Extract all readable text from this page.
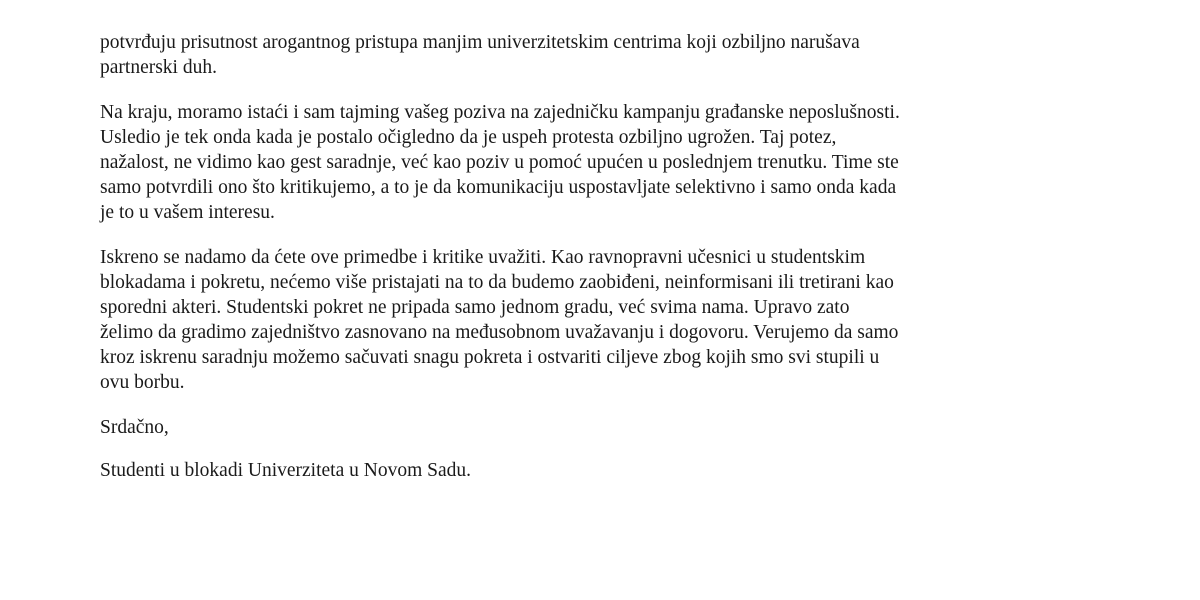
potvrđuju prisutnost arogantnog pristupa manjim univerzitetskim centrima koji ozbiljno narušava
partnerski duh.

Na kraju, moramo istaći i sam tajming vašeg poziva na zajedničku kampanju građanske neposlušnosti.
Usledio je tek onda kada je postalo očigledno da je uspeh protesta ozbiljno ugrožen. Taj potez,
nažalost, ne vidimo kao gest saradnje, već kao poziv u pomoć upućen u poslednjem trenutku. Time ste
samo potvrdili ono što kritikujemo, a to je da komunikaciju uspostavljate selektivno i samo onda kada
je to u vašem interesu.

Iskreno se nadamo da ćete ove primedbe i kritike uvažiti. Kao ravnopravni učesnici u studentskim
blokadama i pokretu, nećemo više pristajati na to da budemo zaobiđeni, neinformisani ili tretirani kao
sporedni akteri. Studentski pokret ne pripada samo jednom gradu, već svima nama. Upravo zato
želimo da gradimo zajedništvo zasnovano na međusobnom uvažavanju i dogovoru. Verujemo da samo
kroz iskrenu saradnju možemo sačuvati snagu pokreta i ostvariti ciljeve zbog kojih smo svi stupili u
ovu borbu.

Srdačno,

Studenti u blokadi Univerziteta u Novom Sadu.
